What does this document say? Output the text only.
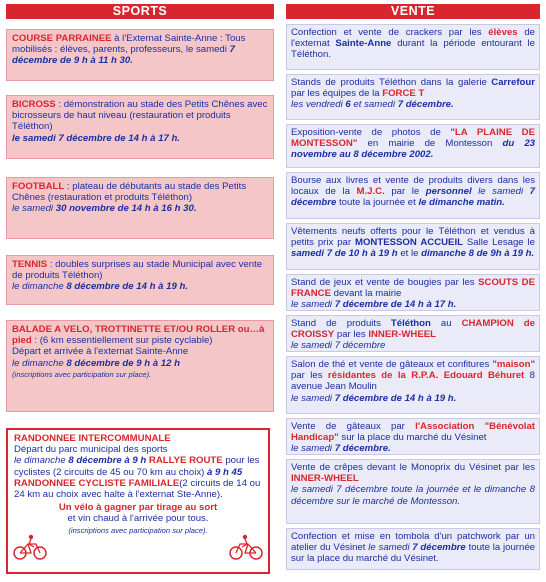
SPORTS
COURSE PARRAINEE à l'Externat Sainte-Anne : Tous mobilisés : élèves, parents, professeurs, le samedi 7 décembre de 9 h à 11 h 30.
BICROSS : démonstration au stade des Petits Chênes avec bicrosseurs de haut niveau (restauration et produits Téléthon)
le samedi 7 décembre de 14 h à 17 h.
FOOTBALL : plateau de débutants au stade des Petits Chênes (restauration et produits Téléthon)
le samedi 30 novembre de 14 h à 16 h 30.
TENNIS : doubles surprises au stade Municipal avec vente de produits Téléthon)
le dimanche 8 décembre de 14 h à 19 h.
BALADE A VELO, TROTTINETTE ET/OU ROLLER ou…à pied : (6 km essentiellement sur piste cyclable)
Départ et arrivée à l'externat Sainte-Anne
le dimanche 8 décembre de 9 h à 12 h
(inscriptions avec participation sur place).
RANDONNEE INTERCOMMUNALE
Départ du parc municipal des sports
le dimanche 8 décembre à 9 h RALLYE ROUTE pour les cyclistes (2 circuits de 45 ou 70 km au choix) à 9 h 45 RANDONNEE CYCLISTE FAMILIALE(2 circuits de 14 ou 24 km au choix avec halte à l'externat Ste-Anne).
Un vélo à gagner par tirage au sort
et vin chaud à l'arrivée pour tous.
(inscriptions avec participation sur place).
VENTE
Confection et vente de crackers par les élèves de l'externat Sainte-Anne durant la période entourant le Téléthon.
Stands de produits Téléthon dans la galerie Carrefour par les équipes de la FORCE T
les vendredi 6 et samedi 7 décembre.
Exposition-vente de photos de "LA PLAINE DE MONTESSON" en mairie de Montesson du 23 novembre au 8 décembre 2002.
Bourse aux livres et vente de produits divers dans les locaux de la M.J.C. par le personnel le samedi 7 décembre toute la journée et le dimanche matin.
Vêtements neufs offerts pour le Téléthon et vendus à petits prix par MONTESSON ACCUEIL Salle Lesage le samedi 7 de 10 h à 19 h et le dimanche 8 de 9h à 19 h.
Stand de jeux et vente de bougies par les SCOUTS DE FRANCE devant la mairie
le samedi 7 décembre de 14 h à 17 h.
Stand de produits Téléthon au CHAMPION de CROISSY par les INNER-WHEEL
le samedi 7 décembre
Salon de thé et vente de gâteaux et confitures "maison" par les résidantes de la R.P.A. Edouard Béhuret 8 avenue Jean Moulin
le samedi 7 décembre de 14 h à 19 h.
Vente de gâteaux par l'Association "Bénévolat Handicap" sur la place du marché du Vésinet
le samedi 7 décembre.
Vente de crêpes devant le Monoprix du Vésinet par les INNER-WHEEL
le samedi 7 décembre toute la journée et le dimanche 8 décembre sur le marché de Montesson.
Confection et mise en tombola d'un patchwork par un atelier du Vésinet le samedi 7 décembre toute la journée sur la place du marché du Vésinet.
